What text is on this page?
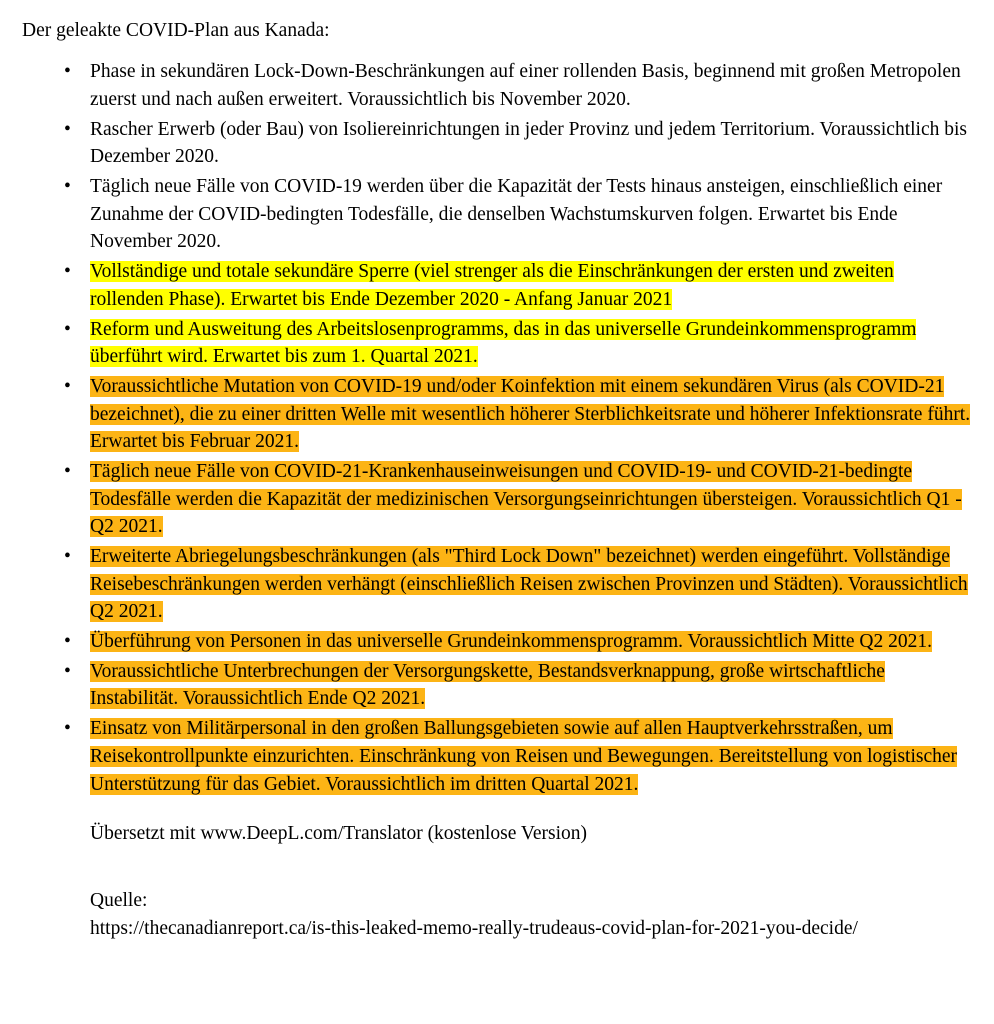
Der geleakte COVID-Plan aus Kanada:

• Phase in sekundären Lock-Down-Beschränkungen auf einer rollenden Basis, beginnend mit großen Metropolen zuerst und nach außen erweitert. Voraussichtlich bis November 2020.
• Rascher Erwerb (oder Bau) von Isoliereinrichtungen in jeder Provinz und jedem Territorium. Voraussichtlich bis Dezember 2020.
• Täglich neue Fälle von COVID-19 werden über die Kapazität der Tests hinaus ansteigen, einschließlich einer Zunahme der COVID-bedingten Todesfälle, die denselben Wachstumskurven folgen. Erwartet bis Ende November 2020.
• Vollständige und totale sekundäre Sperre (viel strenger als die Einschränkungen der ersten und zweiten rollenden Phase). Erwartet bis Ende Dezember 2020 - Anfang Januar 2021
• Reform und Ausweitung des Arbeitslosenprogramms, das in das universelle Grundeinkommensprogramm überführt wird. Erwartet bis zum 1. Quartal 2021.
• Voraussichtliche Mutation von COVID-19 und/oder Koinfektion mit einem sekundären Virus (als COVID-21 bezeichnet), die zu einer dritten Welle mit wesentlich höherer Sterblichkeitsrate und höherer Infektionsrate führt. Erwartet bis Februar 2021.
• Täglich neue Fälle von COVID-21-Krankenhauseinweisungen und COVID-19- und COVID-21-bedingte Todesfälle werden die Kapazität der medizinischen Versorgungseinrichtungen übersteigen. Voraussichtlich Q1 - Q2 2021.
• Erweiterte Abriegelungsbeschränkungen (als "Third Lock Down" bezeichnet) werden eingeführt. Vollständige Reisebeschränkungen werden verhängt (einschließlich Reisen zwischen Provinzen und Städten). Voraussichtlich Q2 2021.
• Überführung von Personen in das universelle Grundeinkommensprogramm. Voraussichtlich Mitte Q2 2021.
• Voraussichtliche Unterbrechungen der Versorgungskette, Bestandsverknappung, große wirtschaftliche Instabilität. Voraussichtlich Ende Q2 2021.
• Einsatz von Militärpersonal in den großen Ballungsgebieten sowie auf allen Hauptverkehrsstraßen, um Reisekontrollpunkte einzurichten. Einschränkung von Reisen und Bewegungen. Bereitstellung von logistischer Unterstützung für das Gebiet. Voraussichtlich im dritten Quartal 2021.

Übersetzt mit www.DeepL.com/Translator (kostenlose Version)

Quelle:

https://thecanadianreport.ca/is-this-leaked-memo-really-trudeaus-covid-plan-for-2021-you-decide/
